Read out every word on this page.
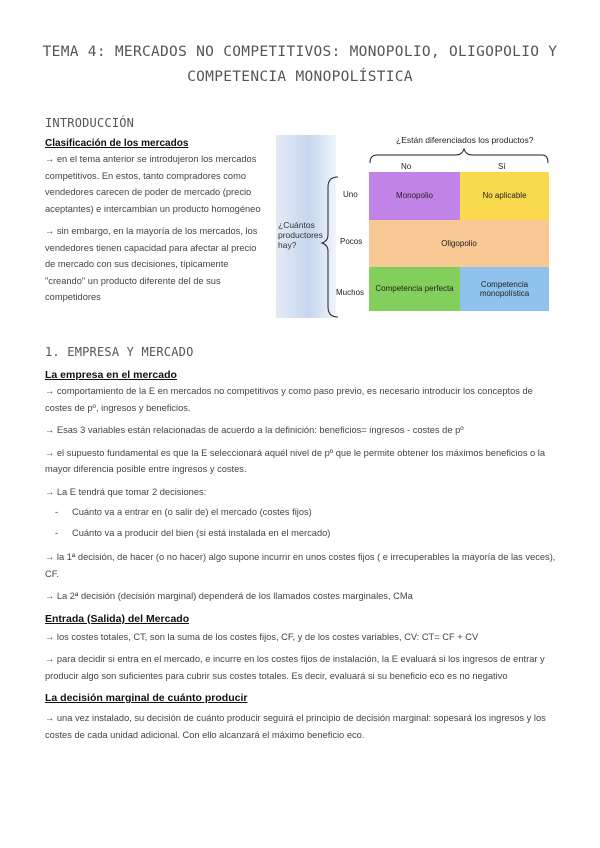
TEMA 4: MERCADOS NO COMPETITIVOS: MONOPOLIO, OLIGOPOLIO Y COMPETENCIA MONOPOLÍSTICA
INTRODUCCIÓN

Clasificación de los mercados

→ en el tema anterior se introdujeron los mercados competitivos. En estos, tanto compradores como vendedores carecen de poder de mercado (precio aceptantes) e intercambian un producto homogéneo

→ sin embargo, en la mayoría de los mercados, los vendedores tienen capacidad para afectar al precio de mercado con sus decisiones, típicamente "creando" un producto diferente del de sus competidores

¿Cuántos
productores
hay?
¿Están diferenciados los productos?
No	Sí
Uno
Pocos
Muchos
Monopolio	No aplicable
Oligopolio
Competencia perfecta
Competencia monopolística
1. EMPRESA Y MERCADO

La empresa en el mercado

→ comportamiento de la E en mercados no competitivos y como paso previo, es necesario introducir los conceptos de costes de pº, ingresos y beneficios.

→ Esas 3 variables están relacionadas de acuerdo a la definición: beneficios= ingresos - costes de pº

→ el supuesto fundamental es que la E seleccionará aquél nivel de pº que le permite obtener los máximos beneficios o la mayor diferencia posible entre ingresos y costes.

→ La E tendrá que tomar 2 decisiones:

- Cuánto va a entrar en (o salir de) el mercado (costes fijos)
- Cuánto va a producir del bien (si está instalada en el mercado)

→ la 1ª decisión, de hacer (o no hacer) algo supone incurrir en unos costes fijos ( e irrecuperables la mayoría de las veces), CF.

→ La 2ª decisión (decisión marginal) dependerá de los llamados costes marginales, CMa

Entrada (Salida) del Mercado

→ los costes totales, CT, son la suma de los costes fijos, CF, y de los costes variables, CV: CT= CF + CV

→ para decidir si entra en el mercado, e incurre en los costes fijos de instalación, la E evaluará si los ingresos de entrar y producir algo son suficientes para cubrir sus costes totales. Es decir, evaluará si su beneficio eco es no negativo

La decisión marginal de cuánto producir

→ una vez instalado, su decisión de cuánto producir seguirá el principio de decisión marginal: sopesará los ingresos y los costes de cada unidad adicional. Con ello alcanzará el máximo beneficio eco.
